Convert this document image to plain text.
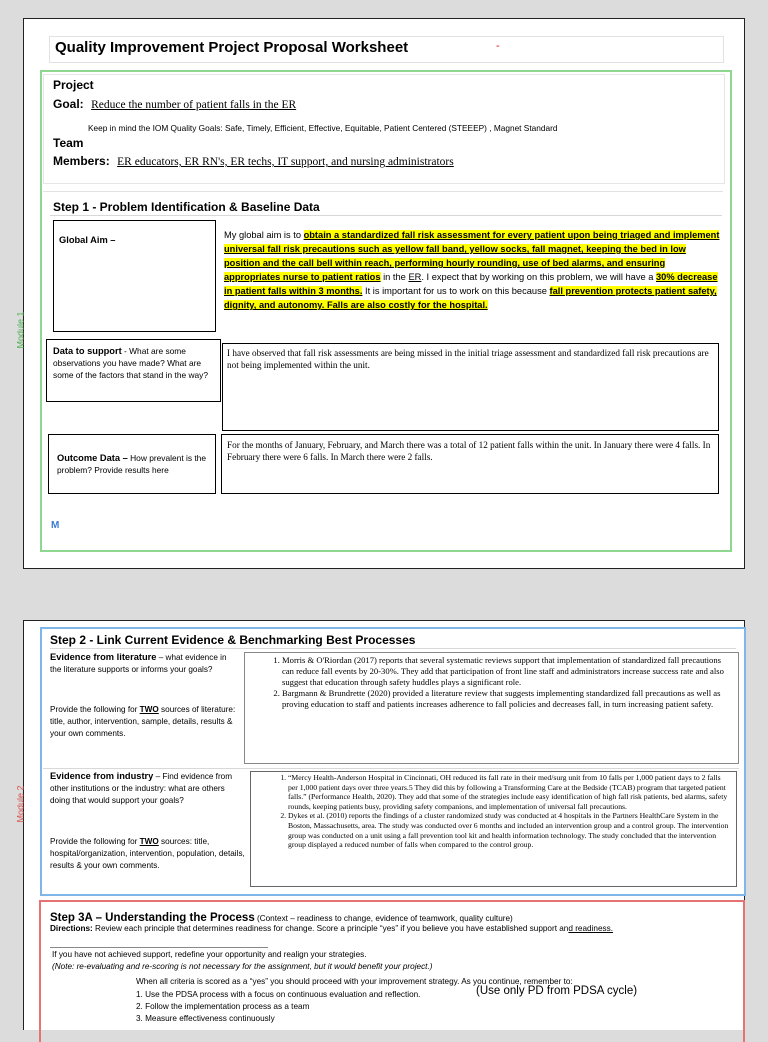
Quality Improvement Project Proposal Worksheet	-
Project
Goal: Reduce the number of patient falls in the ER
Keep in mind the IOM Quality Goals: Safe, Timely, Efficient, Effective, Equitable, Patient Centered (STEEEP) , Magnet Standard
Team
Members: ER educators, ER RN's, ER techs, IT support, and nursing administrators
Step 1 - Problem Identification & Baseline Data
Module 1
M
Global Aim –	My global aim is to obtain a standardized fall risk assessment for every patient upon being triaged and implement universal fall risk precautions such as yellow fall band, yellow socks, fall magnet, keeping the bed in low position and the call bell within reach, performing hourly rounding, use of bed alarms, and ensuring appropriates nurse to patient ratios in the ER. I expect that by working on this problem, we will have a 30% decrease in patient falls within 3 months. It is important for us to work on this because fall prevention protects patient safety, dignity, and autonomy. Falls are also costly for the hospital.
Data to support - What are some observations you have made? What are some of the factors that stand in the way?
I have observed that fall risk assessments are being missed in the initial triage assessment and standardized fall risk precautions are not being implemented within the unit.
Outcome Data – How prevalent is the problem? Provide results here
For the months of January, February, and March there was a total of 12 patient falls within the unit. In January there were 4 falls. In February there were 6 falls. In March there were 2 falls.
Step 2 - Link Current Evidence & Benchmarking Best Processes
Module 2
Evidence from literature – what evidence in the literature supports or informs your goals?
Provide the following for TWO sources of literature: title, author, intervention, sample, details, results & your own comments.
1. Morris & O'Riordan (2017) reports that several systematic reviews support that implementation of standardized fall precautions can reduce fall events by 20-30%. They add that participation of front line staff and administrators increase success rate and also suggest that education through safety huddles plays a significant role.
2. Bargmann & Brundrette (2020) provided a literature review that suggests implementing standardized fall precautions as well as proving education to staff and patients increases adherence to fall policies and decreases fall, in turn increasing patient safety.
Evidence from industry – Find evidence from other institutions or the industry: what are others doing that would support your goals?
Provide the following for TWO sources: title, hospital/organization, intervention, population, details, results & your own comments.
1. “Mercy Health-Anderson Hospital in Cincinnati, OH reduced its fall rate in their med/surg unit from 10 falls per 1,000 patient days to 2 falls per 1,000 patient days over three years.5 They did this by following a Transforming Care at the Bedside (TCAB) program that targeted patient falls.” (Performance Health, 2020). They add that some of the strategies include easy identification of high fall risk patients, bed alarms, safety rounds, keeping patients busy, providing safety companions, and implementation of universal fall precautions.
2. Dykes et al. (2010) reports the findings of a cluster randomized study was conducted at 4 hospitals in the Partners HealthCare System in the Boston, Massachusetts, area. The study was conducted over 6 months and included an intervention group and a control group. The intervention group was conducted on a unit using a fall prevention tool kit and health information technology. The study concluded that the intervention group displayed a reduced number of falls when compared to the control group.
Step 3A – Understanding the Process (Context – readiness to change, evidence of teamwork, quality culture)
Directions: Review each principle that determines readiness for change. Score a principle “yes” if you believe you have established support and readiness.
If you have not achieved support, redefine your opportunity and realign your strategies.
(Note: re-evaluating and re-scoring is not necessary for the assignment, but it would benefit your project.)
When all criteria is scored as a “yes” you should proceed with your improvement strategy. As you continue, remember to:
1. Use the PDSA process with a focus on continuous evaluation and reflection.	(Use only PD from PDSA cycle)
2. Follow the implementation process as a team
3. Measure effectiveness continuously
